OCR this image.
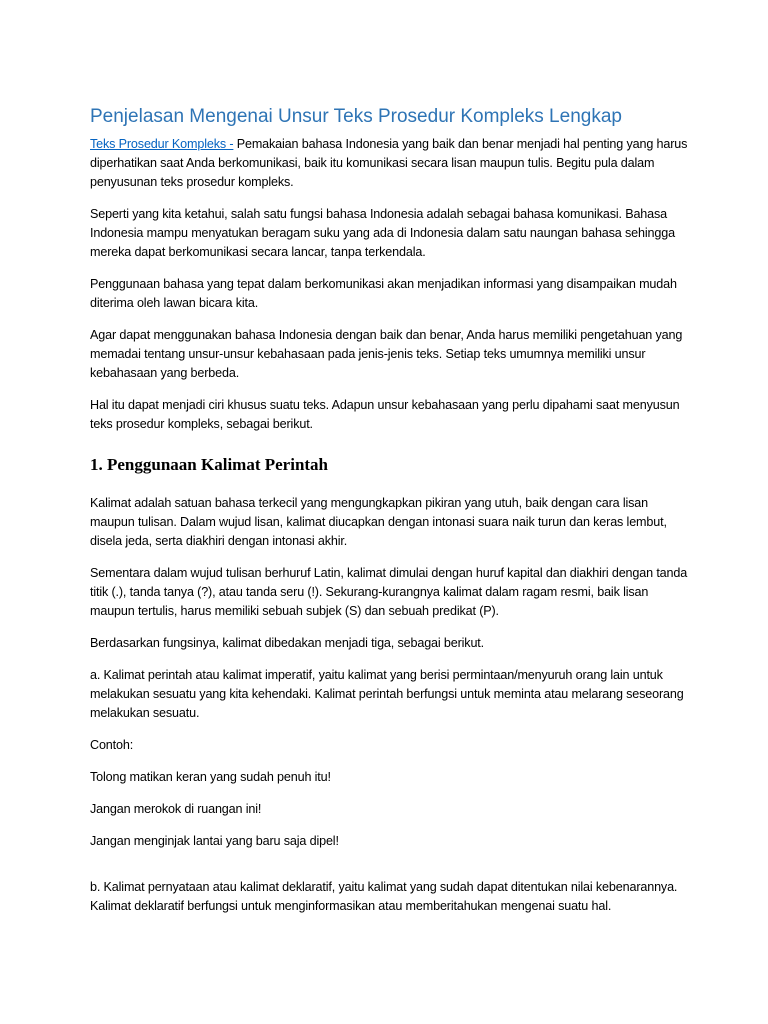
Penjelasan Mengenai Unsur Teks Prosedur Kompleks Lengkap

Teks Prosedur Kompleks - Pemakaian bahasa Indonesia yang baik dan benar menjadi hal penting yang harus diperhatikan saat Anda berkomunikasi, baik itu komunikasi secara lisan maupun tulis. Begitu pula dalam penyusunan teks prosedur kompleks.

Seperti yang kita ketahui, salah satu fungsi bahasa Indonesia adalah sebagai bahasa komunikasi. Bahasa Indonesia mampu menyatukan beragam suku yang ada di Indonesia dalam satu naungan bahasa sehingga mereka dapat berkomunikasi secara lancar, tanpa terkendala.

Penggunaan bahasa yang tepat dalam berkomunikasi akan menjadikan informasi yang disampaikan mudah diterima oleh lawan bicara kita.

Agar dapat menggunakan bahasa Indonesia dengan baik dan benar, Anda harus memiliki pengetahuan yang memadai tentang unsur-unsur kebahasaan pada jenis-jenis teks. Setiap teks umumnya memiliki unsur kebahasaan yang berbeda.

Hal itu dapat menjadi ciri khusus suatu teks. Adapun unsur kebahasaan yang perlu dipahami saat menyusun teks prosedur kompleks, sebagai berikut.

1. Penggunaan Kalimat Perintah

Kalimat adalah satuan bahasa terkecil yang mengungkapkan pikiran yang utuh, baik dengan cara lisan maupun tulisan. Dalam wujud lisan, kalimat diucapkan dengan intonasi suara naik turun dan keras lembut, disela jeda, serta diakhiri dengan intonasi akhir.

Sementara dalam wujud tulisan berhuruf Latin, kalimat dimulai dengan huruf kapital dan diakhiri dengan tanda titik (.), tanda tanya (?), atau tanda seru (!). Sekurang-kurangnya kalimat dalam ragam resmi, baik lisan maupun tertulis, harus memiliki sebuah subjek (S) dan sebuah predikat (P).

Berdasarkan fungsinya, kalimat dibedakan menjadi tiga, sebagai berikut.

a. Kalimat perintah atau kalimat imperatif, yaitu kalimat yang berisi permintaan/menyuruh orang lain untuk melakukan sesuatu yang kita kehendaki. Kalimat perintah berfungsi untuk meminta atau melarang seseorang melakukan sesuatu.

Contoh:

Tolong matikan keran yang sudah penuh itu!

Jangan merokok di ruangan ini!

Jangan menginjak lantai yang baru saja dipel!

b. Kalimat pernyataan atau kalimat deklaratif, yaitu kalimat yang sudah dapat ditentukan nilai kebenarannya. Kalimat deklaratif berfungsi untuk menginformasikan atau memberitahukan mengenai suatu hal.
